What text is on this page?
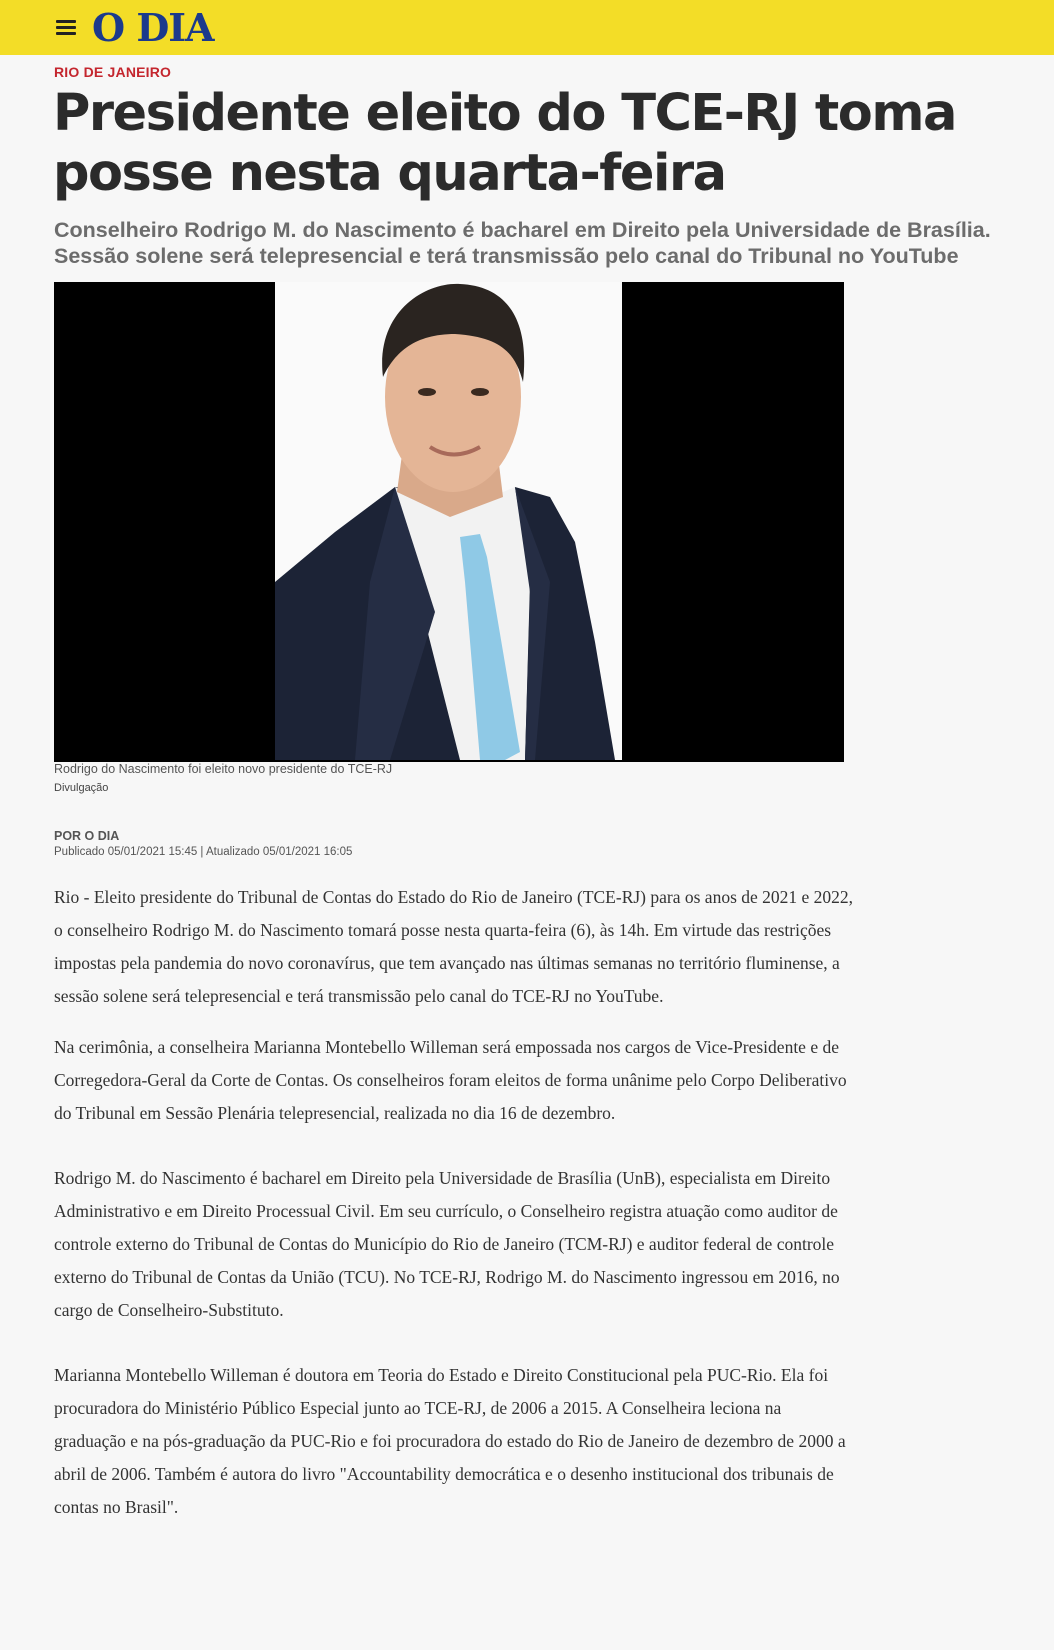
O DIA
RIO DE JANEIRO
Presidente eleito do TCE-RJ toma posse nesta quarta-feira
Conselheiro Rodrigo M. do Nascimento é bacharel em Direito pela Universidade de Brasília. Sessão solene será telepresencial e terá transmissão pelo canal do Tribunal no YouTube
Rodrigo do Nascimento foi eleito novo presidente do TCE-RJ
Divulgação
POR O DIA
Publicado 05/01/2021 15:45 | Atualizado 05/01/2021 16:05

Rio - Eleito presidente do Tribunal de Contas do Estado do Rio de Janeiro (TCE-RJ) para os anos de 2021 e 2022, o conselheiro Rodrigo M. do Nascimento tomará posse nesta quarta-feira (6), às 14h. Em virtude das restrições impostas pela pandemia do novo coronavírus, que tem avançado nas últimas semanas no território fluminense, a sessão solene será telepresencial e terá transmissão pelo canal do TCE-RJ no YouTube.

Na cerimônia, a conselheira Marianna Montebello Willeman será empossada nos cargos de Vice-Presidente e de Corregedora-Geral da Corte de Contas. Os conselheiros foram eleitos de forma unânime pelo Corpo Deliberativo do Tribunal em Sessão Plenária telepresencial, realizada no dia 16 de dezembro.

Rodrigo M. do Nascimento é bacharel em Direito pela Universidade de Brasília (UnB), especialista em Direito Administrativo e em Direito Processual Civil. Em seu currículo, o Conselheiro registra atuação como auditor de controle externo do Tribunal de Contas do Município do Rio de Janeiro (TCM-RJ) e auditor federal de controle externo do Tribunal de Contas da União (TCU). No TCE-RJ, Rodrigo M. do Nascimento ingressou em 2016, no cargo de Conselheiro-Substituto.

Marianna Montebello Willeman é doutora em Teoria do Estado e Direito Constitucional pela PUC-Rio. Ela foi procuradora do Ministério Público Especial junto ao TCE-RJ, de 2006 a 2015. A Conselheira leciona na graduação e na pós-graduação da PUC-Rio e foi procuradora do estado do Rio de Janeiro de dezembro de 2000 a abril de 2006. Também é autora do livro "Accountability democrática e o desenho institucional dos tribunais de contas no Brasil".
